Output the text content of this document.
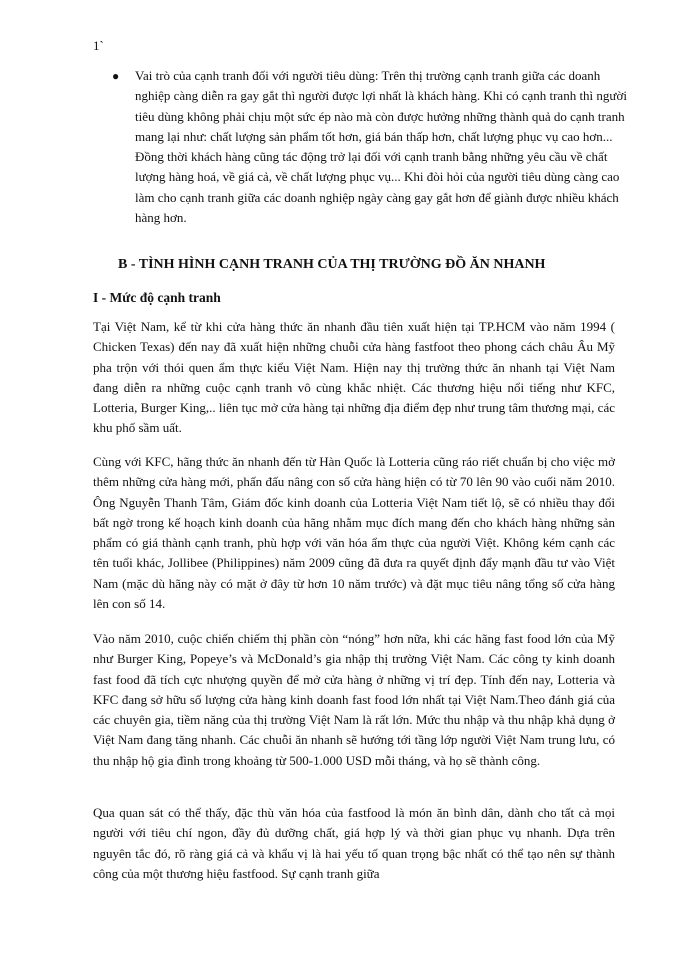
1`
● Vai trò của cạnh tranh đối với người tiêu dùng: Trên thị trường cạnh tranh giữa các doanh nghiệp càng diễn ra gay gắt thì người được lợi nhất là khách hàng. Khi có cạnh tranh thì người tiêu dùng không phải chịu một sức ép nào mà còn được hưởng những thành quả do cạnh tranh mang lại như: chất lượng sản phẩm tốt hơn, giá bán thấp hơn, chất lượng phục vụ cao hơn... Đồng thời khách hàng cũng tác động trở lại đối với cạnh tranh bằng những yêu cầu về chất lượng hàng hoá, về giá cả, về chất lượng phục vụ... Khi đòi hỏi của người tiêu dùng càng cao làm cho cạnh tranh giữa các doanh nghiệp ngày càng gay gắt hơn để giành được nhiều khách hàng hơn.

B - TÌNH HÌNH CẠNH TRANH CỦA THỊ TRƯỜNG ĐỒ ĂN NHANH
I - Mức độ cạnh tranh

Tại Việt Nam, kể từ khi cửa hàng thức ăn nhanh đầu tiên xuất hiện tại TP.HCM vào năm 1994 ( Chicken Texas) đến nay đã xuất hiện những chuỗi cửa hàng fastfoot theo phong cách châu Âu Mỹ pha trộn với thói quen ẩm thực kiểu Việt Nam. Hiện nay thị trường thức ăn nhanh tại Việt Nam đang diễn ra những cuộc cạnh tranh vô cùng khắc nhiệt. Các thương hiệu nổi tiếng như KFC, Lotteria, Burger King,.. liên tục mở cửa hàng tại những địa điểm đẹp như trung tâm thương mại, các khu phố sầm uất.

Cùng với KFC, hãng thức ăn nhanh đến từ Hàn Quốc là Lotteria cũng ráo riết chuẩn bị cho việc mở thêm những cửa hàng mới, phấn đấu nâng con số cửa hàng hiện có từ 70 lên 90 vào cuối năm 2010. Ông Nguyễn Thanh Tâm, Giám đốc kinh doanh của Lotteria Việt Nam tiết lộ, sẽ có nhiều thay đổi bất ngờ trong kế hoạch kinh doanh của hãng nhằm mục đích mang đến cho khách hàng những sản phẩm có giá thành cạnh tranh, phù hợp với văn hóa ẩm thực của người Việt. Không kém cạnh các tên tuổi khác, Jollibee (Philippines) năm 2009 cũng đã đưa ra quyết định đẩy mạnh đầu tư vào Việt Nam (mặc dù hãng này có mặt ở đây từ hơn 10 năm trước) và đặt mục tiêu nâng tổng số cửa hàng lên con số 14.

Vào năm 2010, cuộc chiến chiếm thị phần còn “nóng” hơn nữa, khi các hãng fast food lớn của Mỹ như Burger King, Popeye’s và McDonald’s gia nhập thị trường Việt Nam. Các công ty kinh doanh fast food đã tích cực nhượng quyền để mở cửa hàng ở những vị trí đẹp. Tính đến nay, Lotteria và KFC đang sở hữu số lượng cửa hàng kinh doanh fast food lớn nhất tại Việt Nam.Theo đánh giá của các chuyên gia, tiềm năng của thị trường Việt Nam là rất lớn. Mức thu nhập và thu nhập khả dụng ở Việt Nam đang tăng nhanh. Các chuỗi ăn nhanh sẽ hướng tới tầng lớp người Việt Nam trung lưu, có thu nhập hộ gia đình trong khoảng từ 500-1.000 USD mỗi tháng, và họ sẽ thành công.

Qua quan sát có thể thấy, đặc thù văn hóa của fastfood là món ăn bình dân, dành cho tất cả mọi người với tiêu chí ngon, đầy đủ dưỡng chất, giá hợp lý và thời gian phục vụ nhanh. Dựa trên nguyên tắc đó, rõ ràng giá cả và khẩu vị là hai yếu tố quan trọng bậc nhất có thể tạo nên sự thành công của một thương hiệu fastfood. Sự cạnh tranh giữa
